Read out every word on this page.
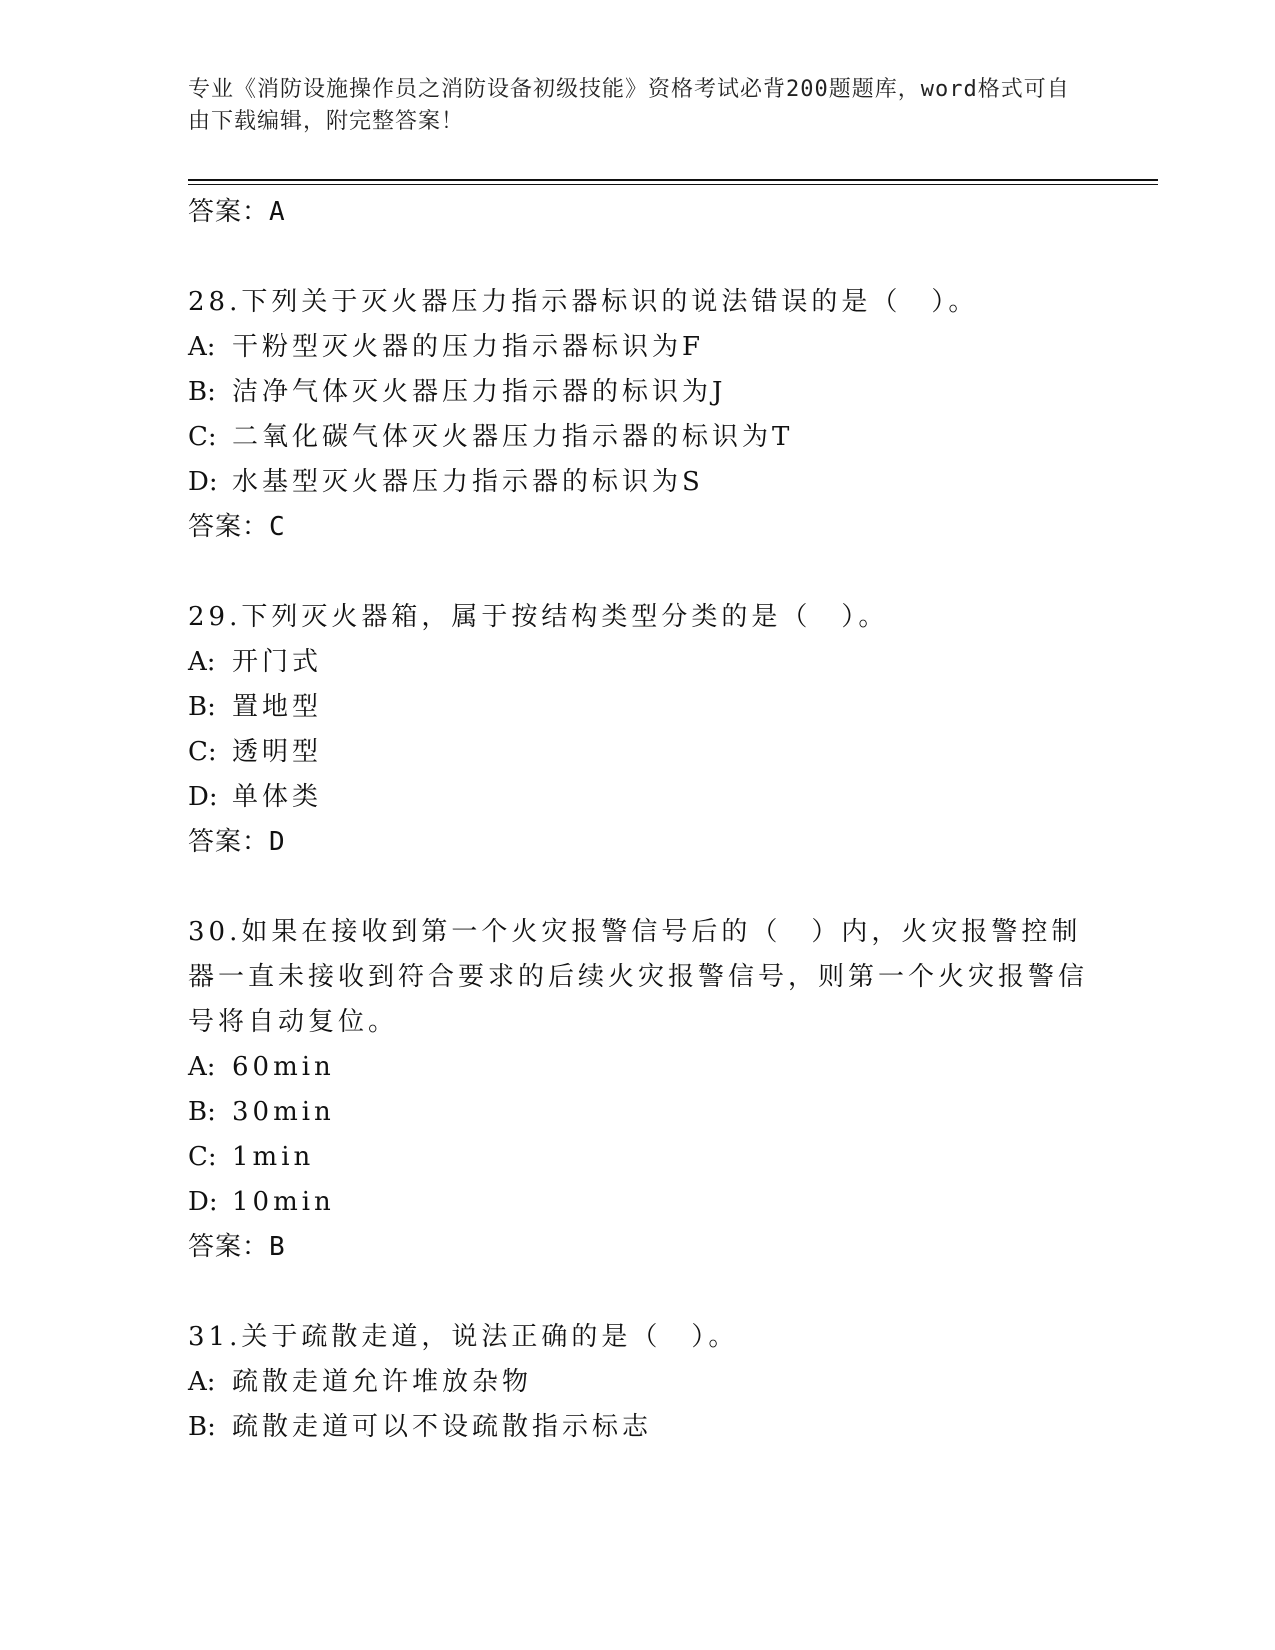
专业《消防设施操作员之消防设备初级技能》资格考试必背200题题库，word格式可自由下载编辑，附完整答案！

答案：A

28.下列关于灭火器压力指示器标识的说法错误的是（　）。

A: 干粉型灭火器的压力指示器标识为F

B: 洁净气体灭火器压力指示器的标识为J

C: 二氧化碳气体灭火器压力指示器的标识为T

D: 水基型灭火器压力指示器的标识为S

答案：C

29.下列灭火器箱，属于按结构类型分类的是（　）。

A: 开门式

B: 置地型

C: 透明型

D: 单体类

答案：D

30.如果在接收到第一个火灾报警信号后的（　）内，火灾报警控制器一直未接收到符合要求的后续火灾报警信号，则第一个火灾报警信号将自动复位。

A: 60min

B: 30min

C: 1min

D: 10min

答案：B

31.关于疏散走道，说法正确的是（　）。

A: 疏散走道允许堆放杂物

B: 疏散走道可以不设疏散指示标志
